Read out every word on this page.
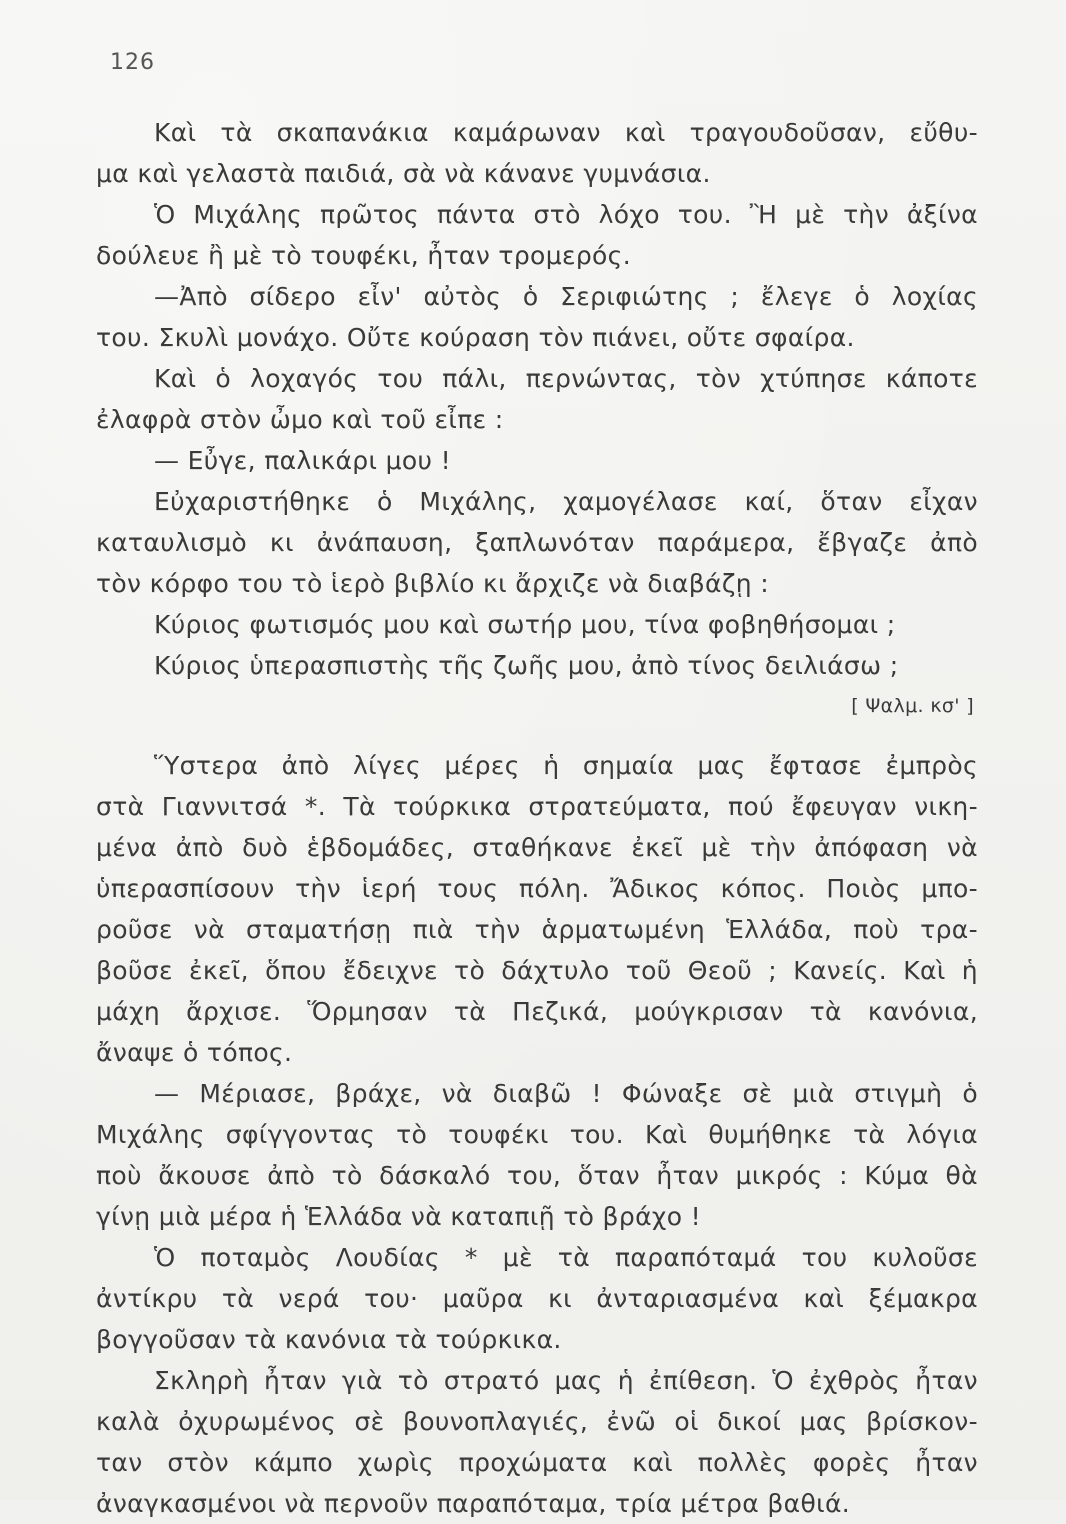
126
Καὶ τὰ σκαπανάκια καμάρωναν καὶ τραγουδοῦσαν, εὔθυ-
μα καὶ γελαστὰ παιδιά, σὰ νὰ κάνανε γυμνάσια.
Ὁ Μιχάλης πρῶτος πάντα στὸ λόχο του. Ἢ μὲ τὴν ἀξίνα
δούλευε ἢ μὲ τὸ τουφέκι, ἦταν τρομερός.
—Ἀπὸ σίδερο εἶν' αὐτὸς ὁ Σεριφιώτης ; ἔλεγε ὁ λοχίας
του. Σκυλὶ μονάχο. Οὔτε κούραση τὸν πιάνει, οὔτε σφαίρα.
Καὶ ὁ λοχαγός του πάλι, περνώντας, τὸν χτύπησε κάποτε
ἐλαφρὰ στὸν ὦμο καὶ τοῦ εἶπε :
— Εὖγε, παλικάρι μου !
Εὐχαριστήθηκε ὁ Μιχάλης, χαμογέλασε καί, ὅταν εἶχαν
καταυλισμὸ κι ἀνάπαυση, ξαπλωνόταν παράμερα, ἔβγαζε ἀπὸ
τὸν κόρφο του τὸ ἱερὸ βιβλίο κι ἄρχιζε νὰ διαβάζῃ :
Κύριος φωτισμός μου καὶ σωτήρ μου, τίνα φοβηθήσομαι ;
Κύριος ὑπερασπιστὴς τῆς ζωῆς μου, ἀπὸ τίνος δειλιάσω ;
[ Ψαλμ. κσ' ]
Ὕστερα ἀπὸ λίγες μέρες ἡ σημαία μας ἔφτασε ἐμπρὸς
στὰ Γιαννιτσά *. Τὰ τούρκικα στρατεύματα, πού ἔφευγαν νικη-
μένα ἀπὸ δυὸ ἑβδομάδες, σταθήκανε ἐκεῖ μὲ τὴν ἀπόφαση νὰ
ὑπερασπίσουν τὴν ἱερή τους πόλη. Ἄδικος κόπος. Ποιὸς μπο-
ροῦσε νὰ σταματήσῃ πιὰ τὴν ἁρματωμένη Ἑλλάδα, ποὺ τρα-
βοῦσε ἐκεῖ, ὅπου ἔδειχνε τὸ δάχτυλο τοῦ Θεοῦ ; Κανείς. Καὶ ἡ
μάχη ἄρχισε. Ὅρμησαν τὰ Πεζικά, μούγκρισαν τὰ κανόνια,
ἄναψε ὁ τόπος.
— Μέριασε, βράχε, νὰ διαβῶ ! Φώναξε σὲ μιὰ στιγμὴ ὁ
Μιχάλης σφίγγοντας τὸ τουφέκι του. Καὶ θυμήθηκε τὰ λόγια
ποὺ ἄκουσε ἀπὸ τὸ δάσκαλό του, ὅταν ἦταν μικρός : Κύμα θὰ
γίνῃ μιὰ μέρα ἡ Ἑλλάδα νὰ καταπιῇ τὸ βράχο !
Ὁ ποταμὸς Λουδίας * μὲ τὰ παραπόταμά του κυλοῦσε
ἀντίκρυ τὰ νερά του· μαῦρα κι ἀνταριασμένα καὶ ξέμακρα
βογγοῦσαν τὰ κανόνια τὰ τούρκικα.
Σκληρὴ ἦταν γιὰ τὸ στρατό μας ἡ ἐπίθεση. Ὁ ἐχθρὸς ἦταν
καλὰ ὀχυρωμένος σὲ βουνοπλαγιές, ἐνῶ οἱ δικοί μας βρίσκον-
ταν στὸν κάμπο χωρὶς προχώματα καὶ πολλὲς φορὲς ἦταν
ἀναγκασμένοι νὰ περνοῦν παραπόταμα, τρία μέτρα βαθιά.
